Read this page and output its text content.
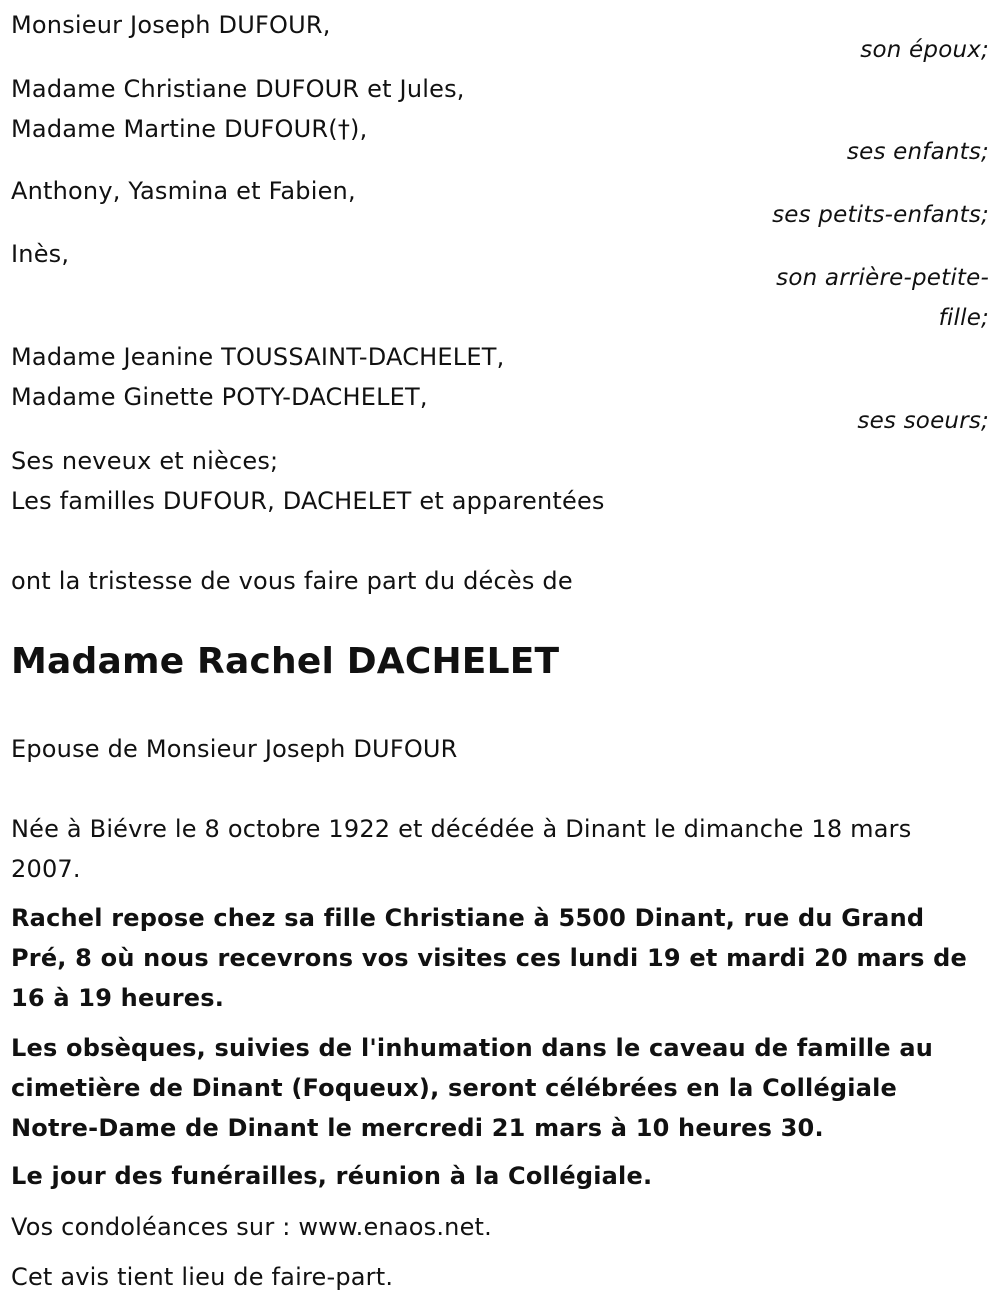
Monsieur Joseph DUFOUR,
son époux;
Madame Christiane DUFOUR et Jules,
Madame Martine DUFOUR(†),
ses enfants;
Anthony, Yasmina et Fabien,
ses petits-enfants;
Inès,
son arrière-petite-
fille;
Madame Jeanine TOUSSAINT-DACHELET,
Madame Ginette POTY-DACHELET,
ses soeurs;
Ses neveux et nièces;
Les familles DUFOUR, DACHELET et apparentées
ont la tristesse de vous faire part du décès de
Madame Rachel DACHELET
Epouse de Monsieur Joseph DUFOUR
Née à Biévre le 8 octobre 1922 et décédée à Dinant le dimanche 18 mars 2007.
Rachel repose chez sa fille Christiane à 5500 Dinant, rue du Grand Pré, 8 où nous recevrons vos visites ces lundi 19 et mardi 20 mars de 16 à 19 heures.
Les obsèques, suivies de l'inhumation dans le caveau de famille au cimetière de Dinant (Foqueux), seront célébrées en la Collégiale Notre-Dame de Dinant le mercredi 21 mars à 10 heures 30.
Le jour des funérailles, réunion à la Collégiale.
Vos condoléances sur : www.enaos.net.
Cet avis tient lieu de faire-part.
